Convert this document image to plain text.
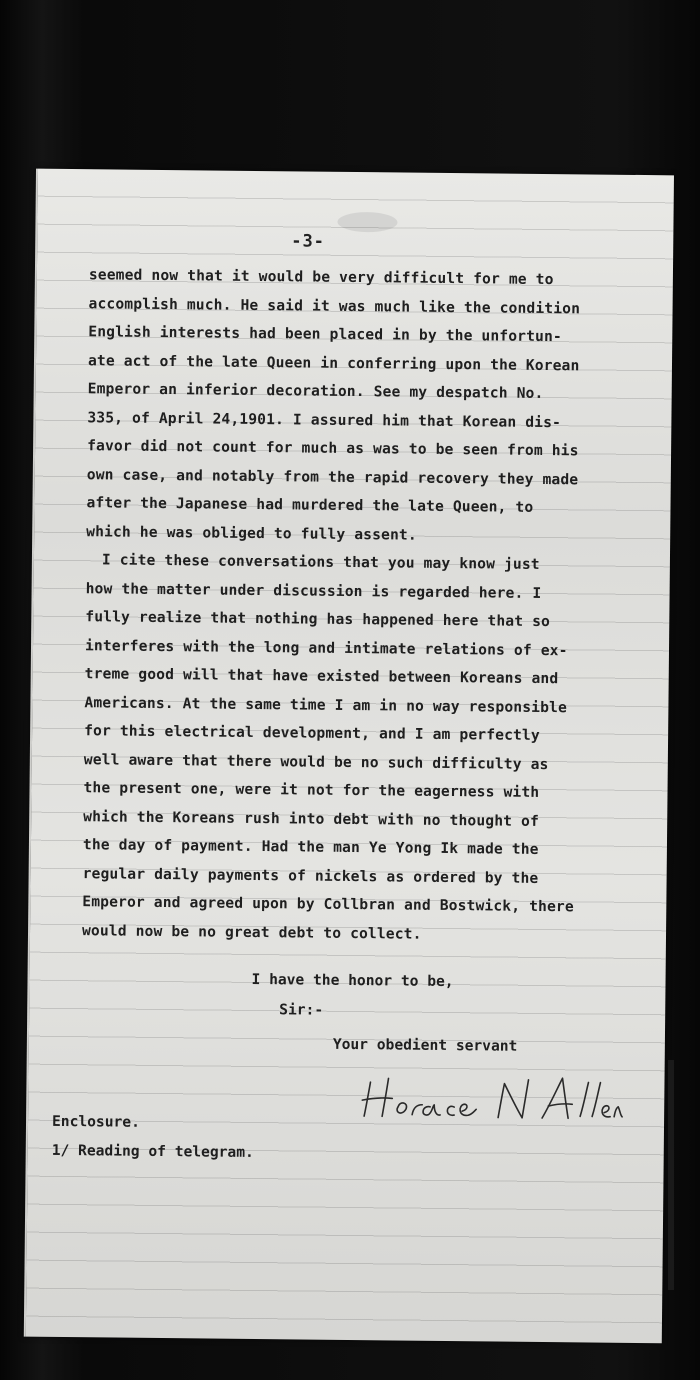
-3-
seemed now that it would be very difficult for me to
accomplish much. He said it was much like the condition
English interests had been placed in by the unfortun-
ate act of the late Queen in conferring upon the Korean
Emperor an inferior decoration. See my despatch No.
335, of April 24,1901. I assured him that Korean dis-
favor did not count for much as was to be seen from his
own case, and notably from the rapid recovery they made
after the Japanese had murdered the late Queen, to
which he was obliged to fully assent.
I cite these conversations that you may know just
how the matter under discussion is regarded here. I
fully realize that nothing has happened here that so
interferes with the long and intimate relations of ex-
treme good will that have existed between Koreans and
Americans. At the same time I am in no way responsible
for this electrical development, and I am perfectly
well aware that there would be no such difficulty as
the present one, were it not for the eagerness with
which the Koreans rush into debt with no thought of
the day of payment. Had the man Ye Yong Ik made the
regular daily payments of nickels as ordered by the
Emperor and agreed upon by Collbran and Bostwick, there
would now be no great debt to collect.
I have the honor to be,
Sir:-
Your obedient servant
Enclosure.
1/ Reading of telegram.
